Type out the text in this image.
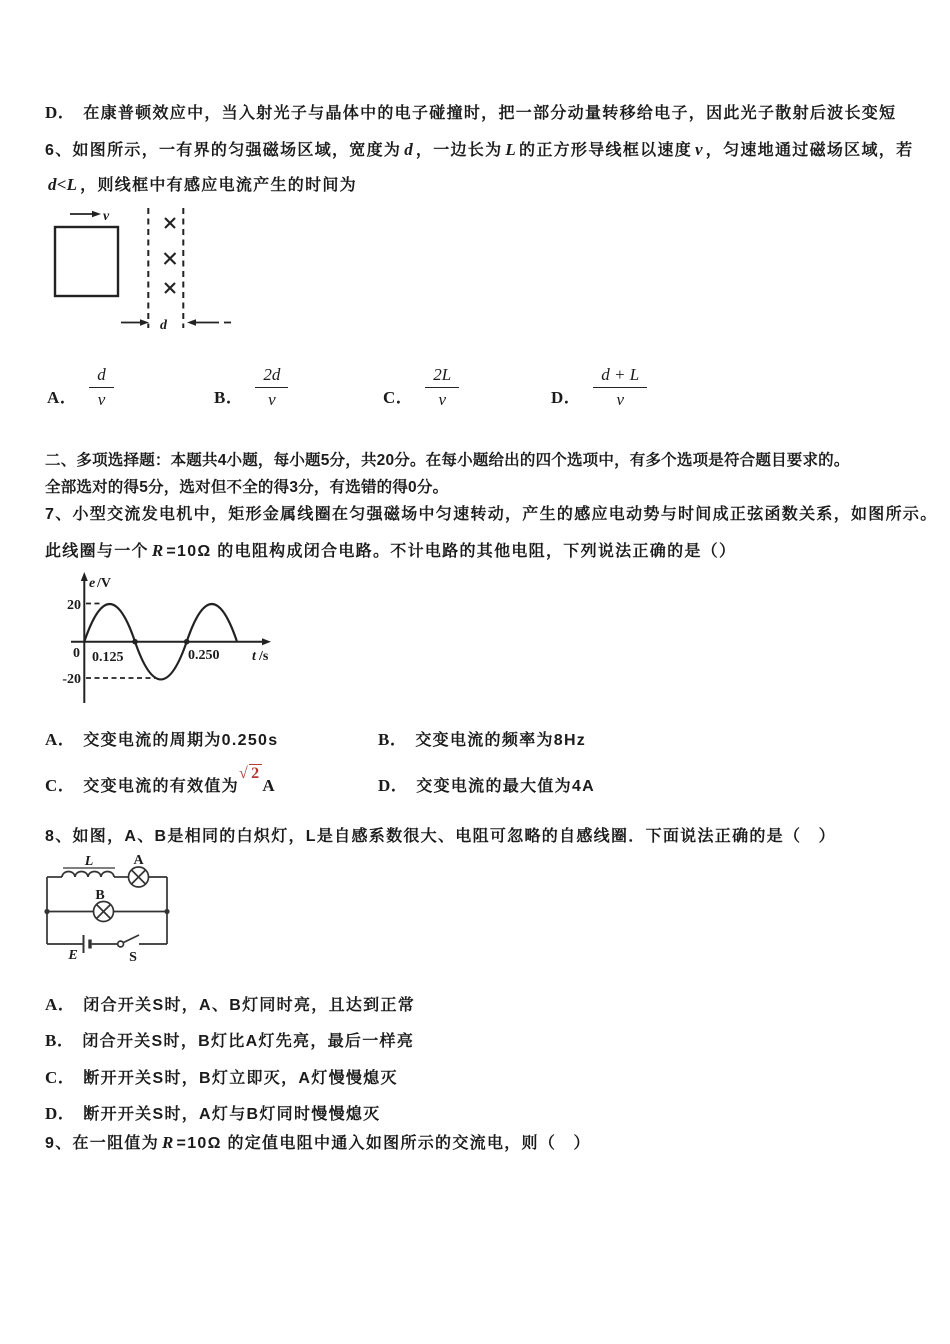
D． 在康普顿效应中，当入射光子与晶体中的电子碰撞时，把一部分动量转移给电子，因此光子散射后波长变短
6、如图所示，一有界的匀强磁场区域，宽度为 d ，一边长为 L 的正方形导线框以速度 v ，匀速地通过磁场区域，若
d<L ，则线框中有感应电流产生的时间为
v
d
A． $\frac{d}{v}$	B． $\frac{2d}{v}$	C． $\frac{2L}{v}$	D． $\frac{d + L}{v}$
二、多项选择题：本题共4小题，每小题5分，共20分。在每小题给出的四个选项中，有多个选项是符合题目要求的。
全部选对的得5分，选对但不全的得3分，有选错的得0分。
7、小型交流发电机中，矩形金属线圈在匀强磁场中匀速转动，产生的感应电动势与时间成正弦函数关系，如图所示。
此线圈与一个 R =10Ω 的电阻构成闭合电路。不计电路的其他电阻，下列说法正确的是（）
e /V
20
0
-20
0.125	0.250 t /s
A． 交变电流的周期为0.250s	B． 交变电流的频率为8Hz
C． 交变电流的有效值为√ 2A	D． 交变电流的最大值为4A
8、如图，A、B是相同的白炽灯，L是自感系数很大、电阻可忽略的自感线圈．下面说法正确的是（　）
L	A
B
E	S
A． 闭合开关S时，A、B灯同时亮，且达到正常
B． 闭合开关S时，B灯比A灯先亮，最后一样亮
C． 断开开关S时，B灯立即灭，A灯慢慢熄灭
D． 断开开关S时，A灯与B灯同时慢慢熄灭
9、在一阻值为 R =10Ω 的定值电阻中通入如图所示的交流电，则（　）
